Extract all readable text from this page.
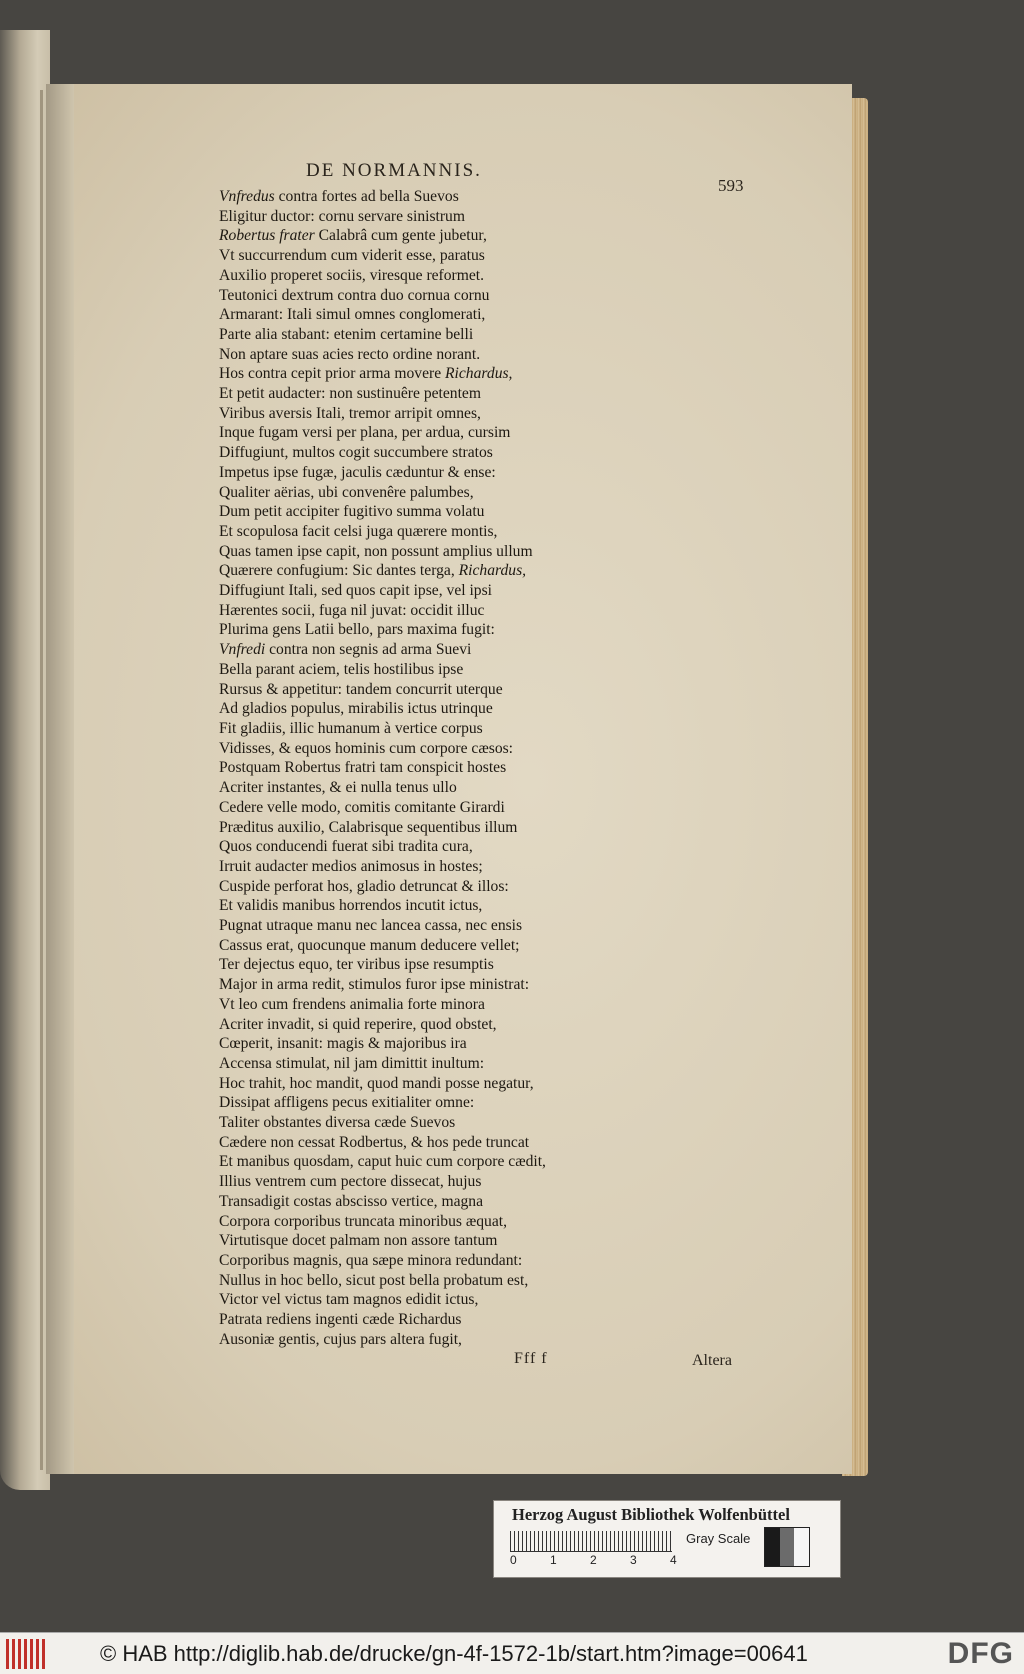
DE NORMANNIS.
593
Vnfredus contra fortes ad bella Suevos
Eligitur ductor: cornu servare sinistrum
Robertus frater Calabrâ cum gente jubetur,
Vt succurrendum cum viderit esse, paratus
Auxilio properet sociis, viresque reformet.
Teutonici dextrum contra duo cornua cornu
Armarant: Itali simul omnes conglomerati,
Parte alia stabant: etenim certamine belli
Non aptare suas acies recto ordine norant.
Hos contra cepit prior arma movere Richardus,
Et petit audacter: non sustinuêre petentem
Viribus aversis Itali, tremor arripit omnes,
Inque fugam versi per plana, per ardua, cursim
Diffugiunt, multos cogit succumbere stratos
Impetus ipse fugæ, jaculis cæduntur & ense:
Qualiter aërias, ubi convenêre palumbes,
Dum petit accipiter fugitivo summa volatu
Et scopulosa facit celsi juga quærere montis,
Quas tamen ipse capit, non possunt amplius ullum
Quærere confugium: Sic dantes terga, Richardus,
Diffugiunt Itali, sed quos capit ipse, vel ipsi
Hærentes socii, fuga nil juvat: occidit illuc
Plurima gens Latii bello, pars maxima fugit:
Vnfredi contra non segnis ad arma Suevi
Bella parant aciem, telis hostilibus ipse
Rursus & appetitur: tandem concurrit uterque
Ad gladios populus, mirabilis ictus utrinque
Fit gladiis, illic humanum à vertice corpus
Vidisses, & equos hominis cum corpore cæsos:
Postquam Robertus fratri tam conspicit hostes
Acriter instantes, & ei nulla tenus ullo
Cedere velle modo, comitis comitante Girardi
Præditus auxilio, Calabrisque sequentibus illum
Quos conducendi fuerat sibi tradita cura,
Irruit audacter medios animosus in hostes;
Cuspide perforat hos, gladio detruncat & illos:
Et validis manibus horrendos incutit ictus,
Pugnat utraque manu nec lancea cassa, nec ensis
Cassus erat, quocunque manum deducere vellet;
Ter dejectus equo, ter viribus ipse resumptis
Major in arma redit, stimulos furor ipse ministrat:
Vt leo cum frendens animalia forte minora
Acriter invadit, si quid reperire, quod obstet,
Cœperit, insanit: magis & majoribus ira
Accensa stimulat, nil jam dimittit inultum:
Hoc trahit, hoc mandit, quod mandi posse negatur,
Dissipat affligens pecus exitialiter omne:
Taliter obstantes diversa cæde Suevos
Cædere non cessat Rodbertus, & hos pede truncat
Et manibus quosdam, caput huic cum corpore cædit,
Illius ventrem cum pectore dissecat, hujus
Transadigit costas abscisso vertice, magna
Corpora corporibus truncata minoribus æquat,
Virtutisque docet palmam non assore tantum
Corporibus magnis, qua sæpe minora redundant:
Nullus in hoc bello, sicut post bella probatum est,
Victor vel victus tam magnos edidit ictus,
Patrata rediens ingenti cæde Richardus
Ausoniæ gentis, cujus pars altera fugit,
Fff f	Altera
Herzog August Bibliothek Wolfenbüttel
0	1	2	3	4
Gray Scale
© HAB http://diglib.hab.de/drucke/gn-4f-1572-1b/start.htm?image=00641	DFG
